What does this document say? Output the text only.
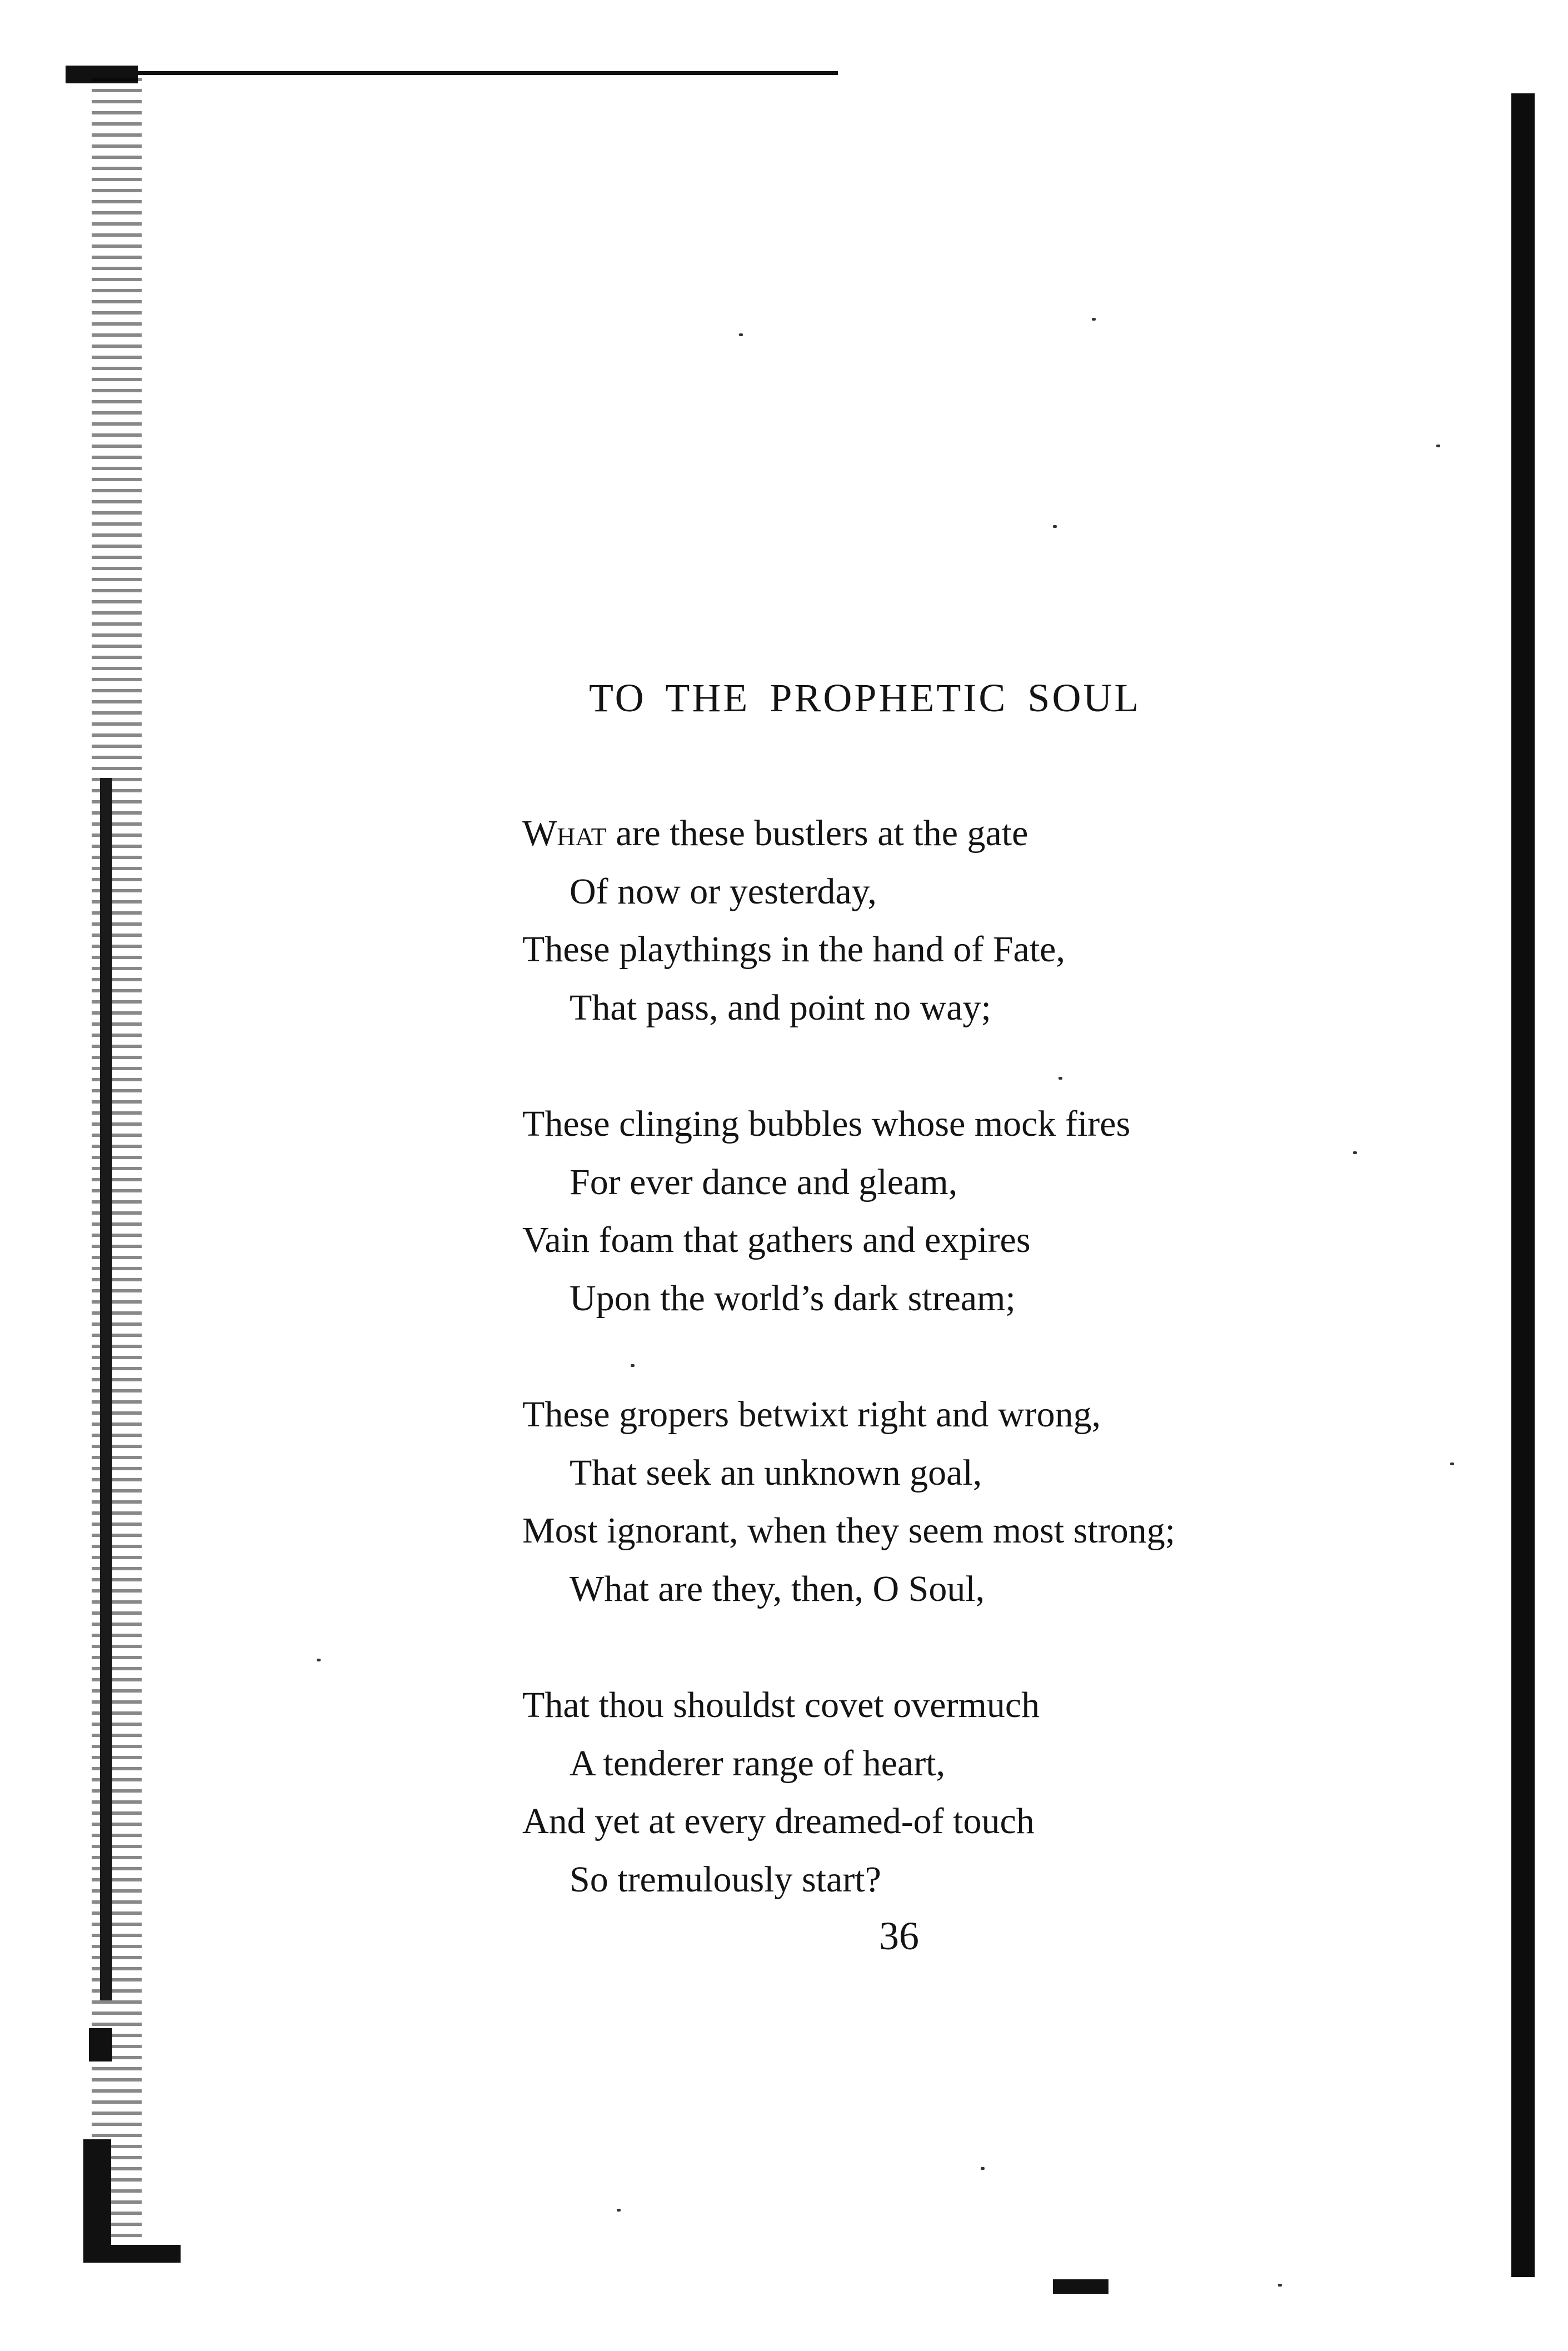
TO THE PROPHETIC SOUL
What are these bustlers at the gate
Of now or yesterday,
These playthings in the hand of Fate,
That pass, and point no way;
These clinging bubbles whose mock fires
For ever dance and gleam,
Vain foam that gathers and expires
Upon the world’s dark stream;
These gropers betwixt right and wrong,
That seek an unknown goal,
Most ignorant, when they seem most strong;
What are they, then, O Soul,
That thou shouldst covet overmuch
A tenderer range of heart,
And yet at every dreamed-of touch
So tremulously start?
36
